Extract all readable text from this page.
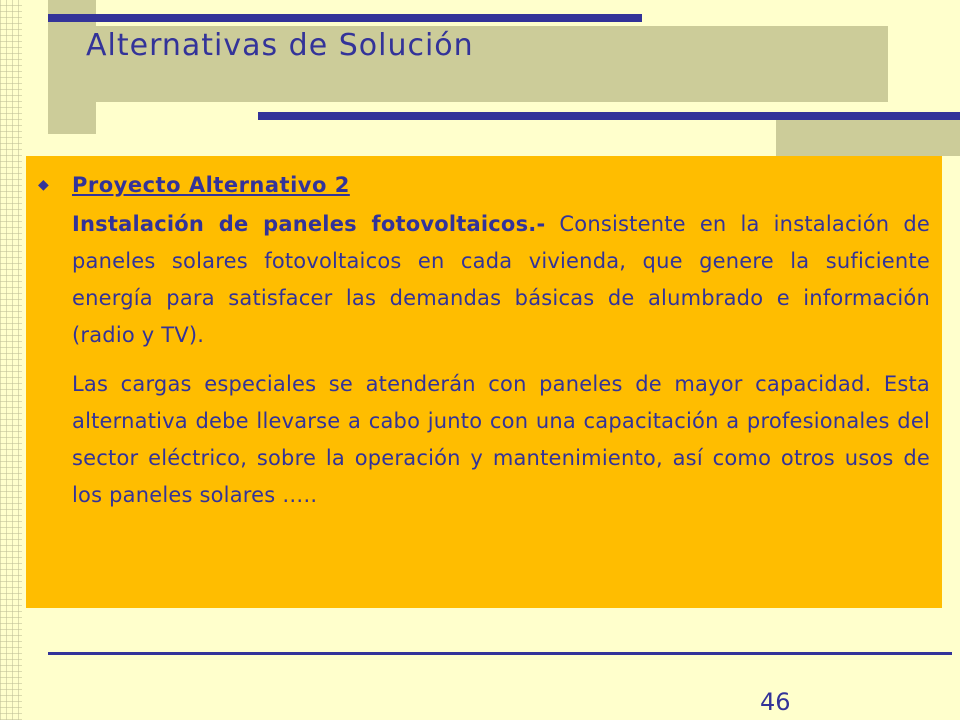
Alternativas de Solución
◆ Proyecto Alternativo 2

Instalación de paneles fotovoltaicos.- Consistente en la instalación de paneles solares fotovoltaicos en cada vivienda, que genere la suficiente energía para satisfacer las demandas básicas de alumbrado e información (radio y TV).

Las cargas especiales se atenderán con paneles de mayor capacidad. Esta alternativa debe llevarse a cabo junto con una capacitación a profesionales del sector eléctrico, sobre la operación y mantenimiento, así como otros usos de los paneles solares …..

46
